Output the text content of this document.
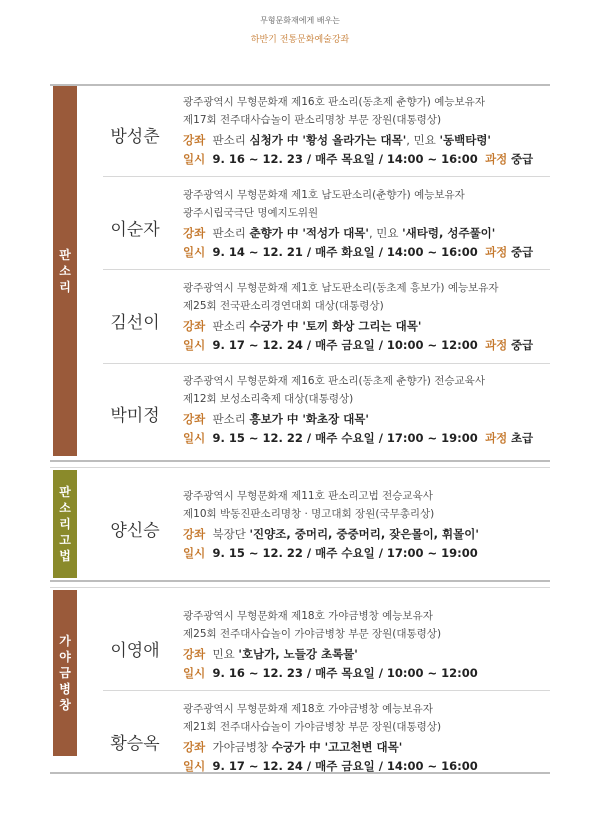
무형문화재에게 배우는
하반기 전통문화예술강좌
판소리
판소리고법
가야금병창
방성춘
광주광역시 무형문화재 제16호 판소리(동초제 춘향가) 예능보유자
제17회 전주대사습놀이 판소리명창 부문 장원(대통령상)
강좌 판소리 심청가 中 '황성 올라가는 대목', 민요 '동백타령'
일시 9. 16 ~ 12. 23 / 매주 목요일 / 14:00 ~ 16:00 과정 중급
이순자
광주광역시 무형문화재 제1호 남도판소리(춘향가) 예능보유자
광주시립국극단 명예지도위원
강좌 판소리 춘향가 中 '적성가 대목', 민요 '새타령, 성주풀이'
일시 9. 14 ~ 12. 21 / 매주 화요일 / 14:00 ~ 16:00 과정 중급
김선이
광주광역시 무형문화재 제1호 남도판소리(동초제 흥보가) 예능보유자
제25회 전국판소리경연대회 대상(대통령상)
강좌 판소리 수궁가 中 '토끼 화상 그리는 대목'
일시 9. 17 ~ 12. 24 / 매주 금요일 / 10:00 ~ 12:00 과정 중급
박미정
광주광역시 무형문화재 제16호 판소리(동초제 춘향가) 전승교육사
제12회 보성소리축제 대상(대통령상)
강좌 판소리 흥보가 中 '화초장 대목'
일시 9. 15 ~ 12. 22 / 매주 수요일 / 17:00 ~ 19:00 과정 초급
양신승
광주광역시 무형문화재 제11호 판소리고법 전승교육사
제10회 박동진판소리명창 · 명고대회 장원(국무총리상)
강좌 북장단 '진양조, 중머리, 중중머리, 잦은몰이, 휘몰이'
일시 9. 15 ~ 12. 22 / 매주 수요일 / 17:00 ~ 19:00
이영애
광주광역시 무형문화재 제18호 가야금병창 예능보유자
제25회 전주대사습놀이 가야금병창 부문 장원(대통령상)
강좌 민요 '호남가, 노들강 초록물'
일시 9. 16 ~ 12. 23 / 매주 목요일 / 10:00 ~ 12:00
황승옥
광주광역시 무형문화재 제18호 가야금병창 예능보유자
제21회 전주대사습놀이 가야금병창 부문 장원(대통령상)
강좌 가야금병창 수궁가 中 '고고천변 대목'
일시 9. 17 ~ 12. 24 / 매주 금요일 / 14:00 ~ 16:00
